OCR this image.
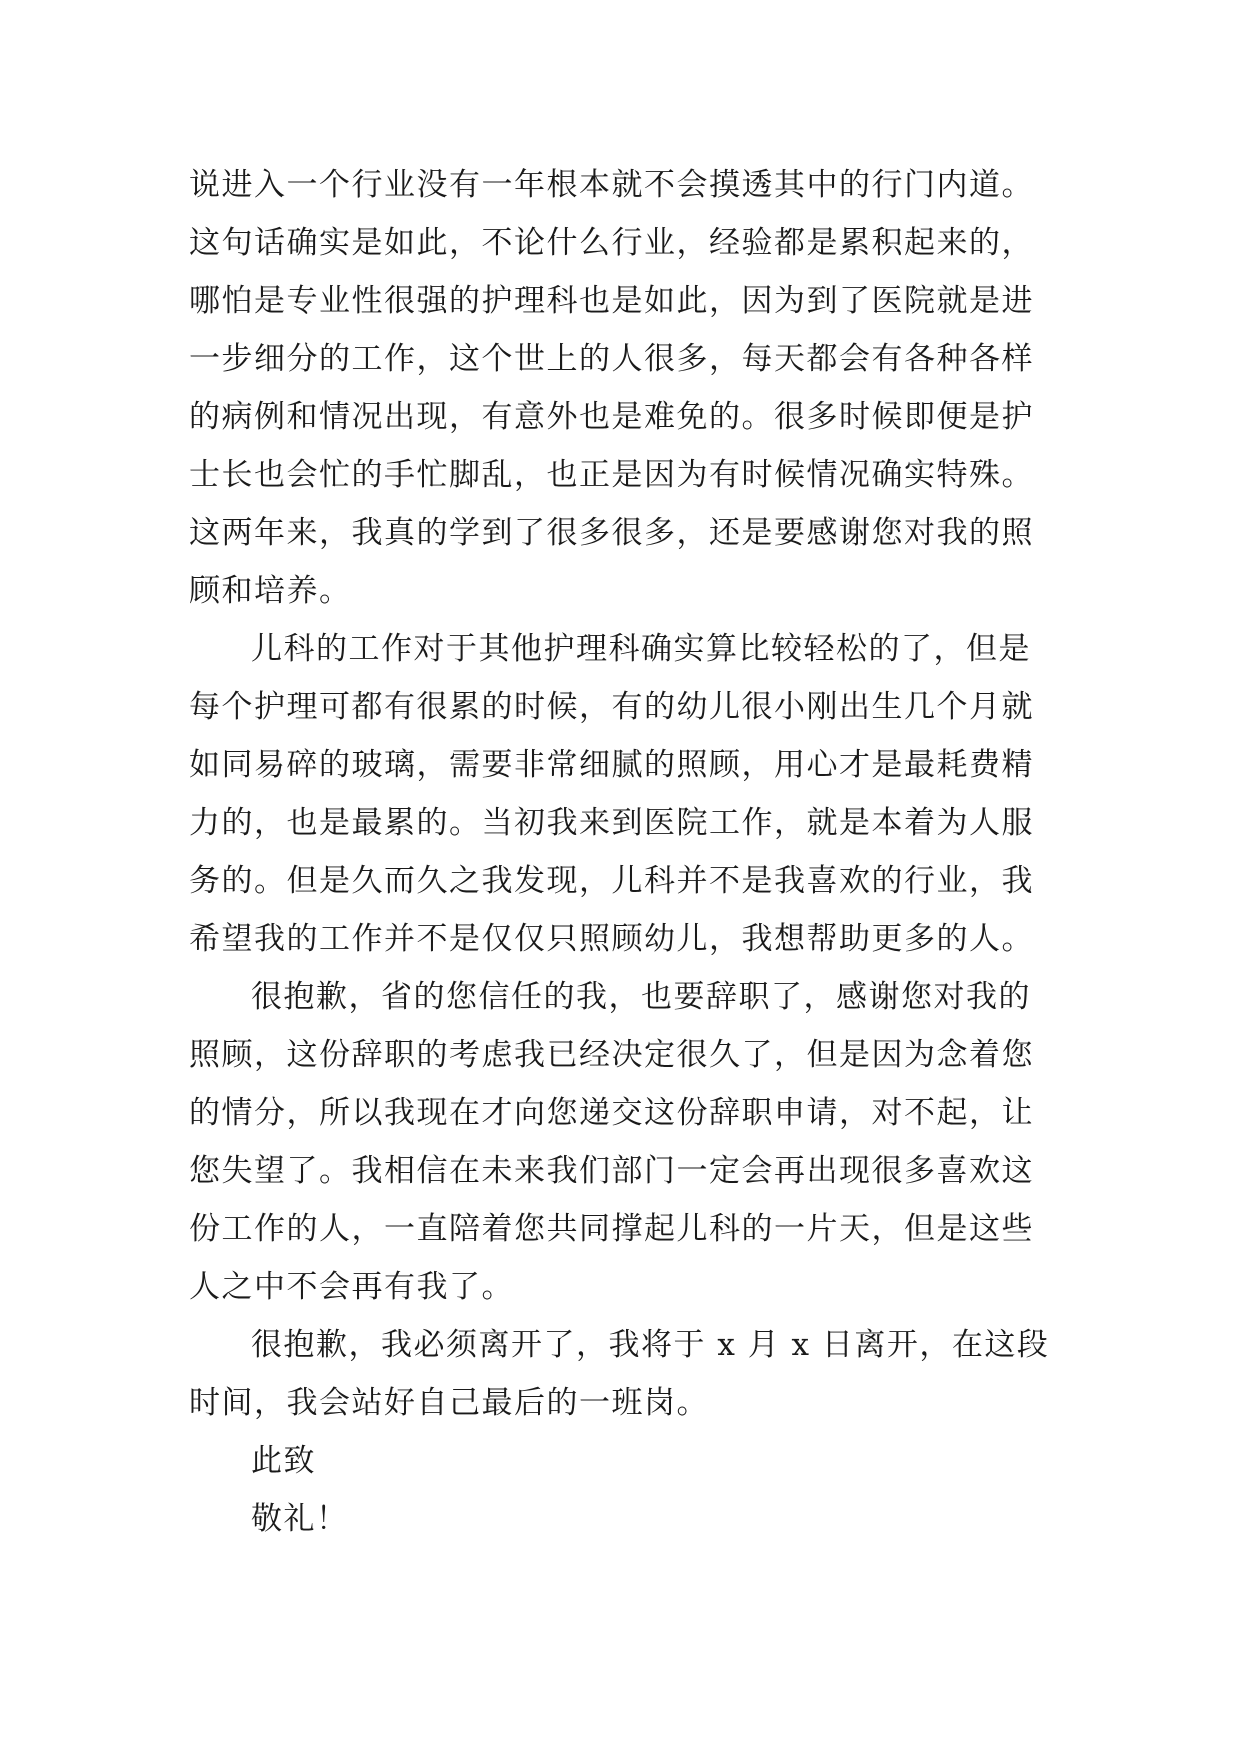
说进入一个行业没有一年根本就不会摸透其中的行门内道。
这句话确实是如此，不论什么行业，经验都是累积起来的，
哪怕是专业性很强的护理科也是如此，因为到了医院就是进
一步细分的工作，这个世上的人很多，每天都会有各种各样
的病例和情况出现，有意外也是难免的。很多时候即便是护
士长也会忙的手忙脚乱，也正是因为有时候情况确实特殊。
这两年来，我真的学到了很多很多，还是要感谢您对我的照
顾和培养。
儿科的工作对于其他护理科确实算比较轻松的了，但是
每个护理可都有很累的时候，有的幼儿很小刚出生几个月就
如同易碎的玻璃，需要非常细腻的照顾，用心才是最耗费精
力的，也是最累的。当初我来到医院工作，就是本着为人服
务的。但是久而久之我发现，儿科并不是我喜欢的行业，我
希望我的工作并不是仅仅只照顾幼儿，我想帮助更多的人。
很抱歉，省的您信任的我，也要辞职了，感谢您对我的
照顾，这份辞职的考虑我已经决定很久了，但是因为念着您
的情分，所以我现在才向您递交这份辞职申请，对不起，让
您失望了。我相信在未来我们部门一定会再出现很多喜欢这
份工作的人，一直陪着您共同撑起儿科的一片天，但是这些
人之中不会再有我了。
很抱歉，我必须离开了，我将于 x 月 x 日离开，在这段
时间，我会站好自己最后的一班岗。
此致
敬礼！
